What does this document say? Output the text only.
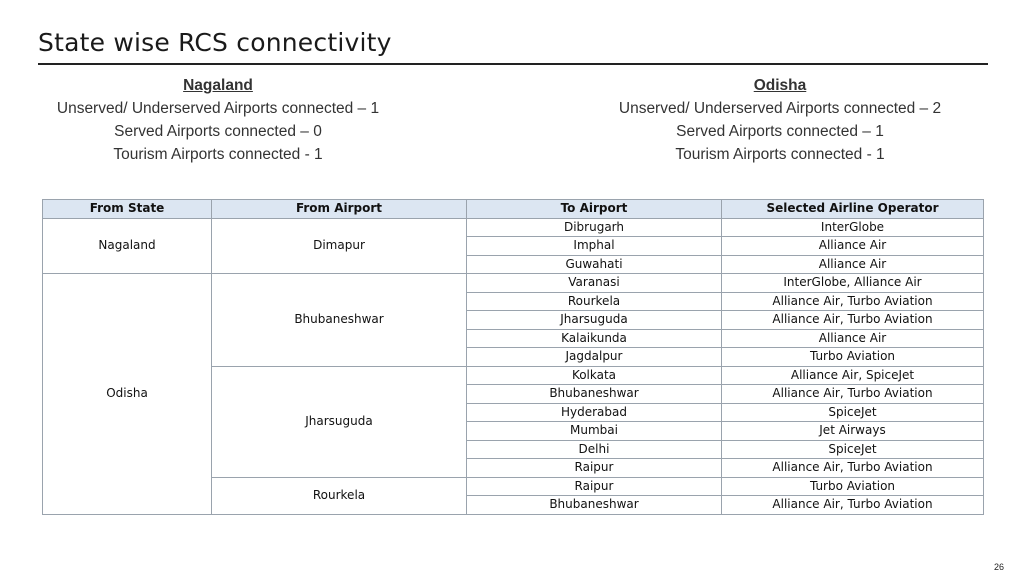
State wise RCS connectivity
Nagaland
Unserved/ Underserved Airports connected – 1
Served Airports connected – 0
Tourism Airports connected - 1
Odisha
Unserved/ Underserved Airports connected – 2
Served Airports connected – 1
Tourism Airports connected - 1
From State	From Airport	To Airport	Selected Airline Operator
Nagaland	Dimapur	Dibrugarh	InterGlobe
		Imphal	Alliance Air
		Guwahati	Alliance Air
Odisha	Bhubaneshwar	Varanasi	InterGlobe, Alliance Air
		Rourkela	Alliance Air, Turbo Aviation
		Jharsuguda	Alliance Air, Turbo Aviation
		Kalaikunda	Alliance Air
		Jagdalpur	Turbo Aviation
	Jharsuguda	Kolkata	Alliance Air, SpiceJet
		Bhubaneshwar	Alliance Air, Turbo Aviation
		Hyderabad	SpiceJet
		Mumbai	Jet Airways
		Delhi	SpiceJet
		Raipur	Alliance Air, Turbo Aviation
	Rourkela	Raipur	Turbo Aviation
		Bhubaneshwar	Alliance Air, Turbo Aviation
26
